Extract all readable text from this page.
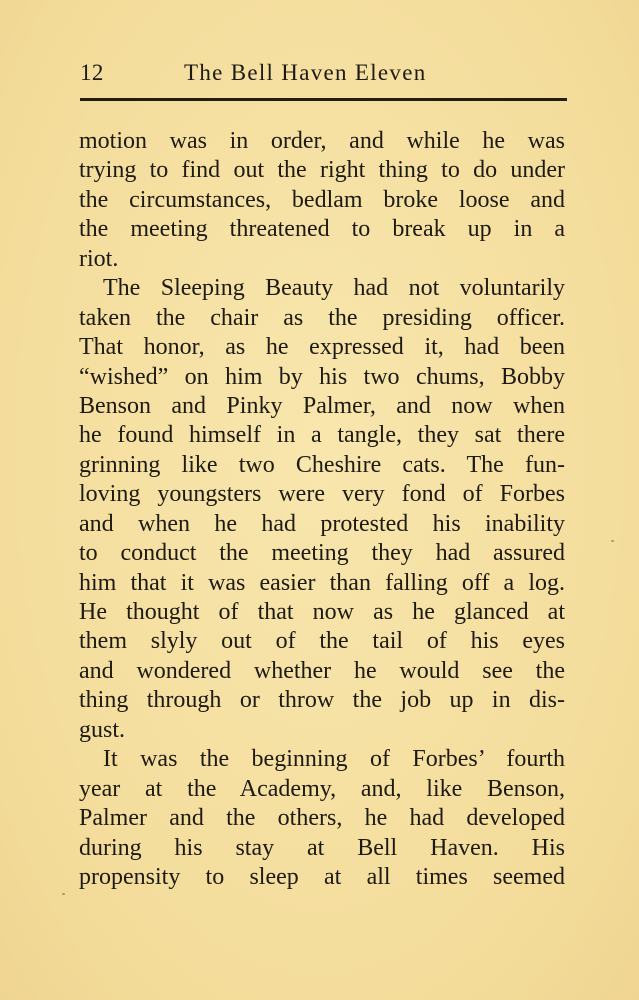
12	The Bell Haven Eleven
motion was in order, and while he was
trying to find out the right thing to do under
the circumstances, bedlam broke loose and
the meeting threatened to break up in a
riot.
The Sleeping Beauty had not voluntarily
taken the chair as the presiding officer.
That honor, as he expressed it, had been
“wished” on him by his two chums, Bobby
Benson and Pinky Palmer, and now when
he found himself in a tangle, they sat there
grinning like two Cheshire cats. The fun-
loving youngsters were very fond of Forbes
and when he had protested his inability
to conduct the meeting they had assured
him that it was easier than falling off a log.
He thought of that now as he glanced at
them slyly out of the tail of his eyes
and wondered whether he would see the
thing through or throw the job up in dis-
gust.
It was the beginning of Forbes’ fourth
year at the Academy, and, like Benson,
Palmer and the others, he had developed
during his stay at Bell Haven. His
propensity to sleep at all times seemed
